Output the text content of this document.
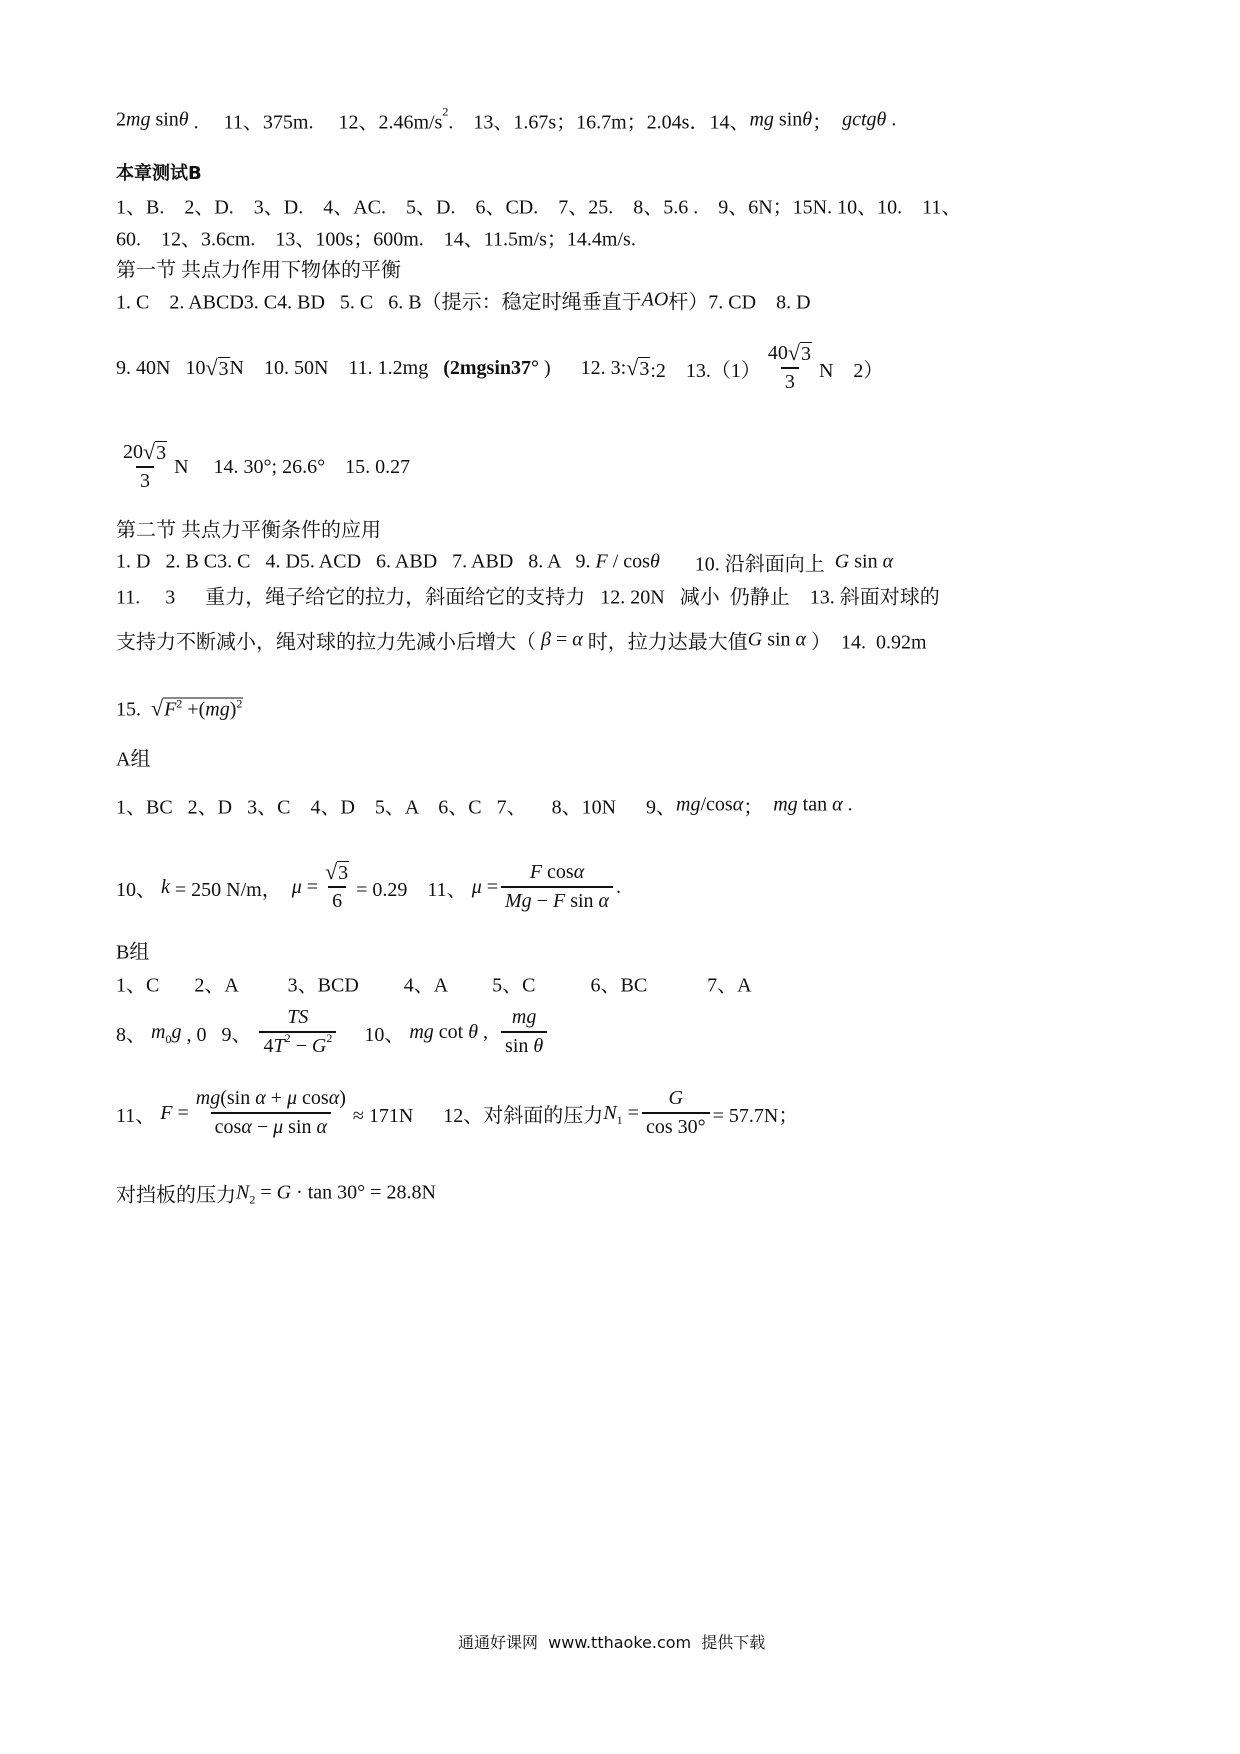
2 mg sin θ .     11、375m.     12、2.46m/s 2 .    13、1.67s；16.7m；2.04s．14、 mg sin θ ； gctgθ .
本章测试B
1、B.    2、D.    3、D.    4、AC.    5、D.    6、CD.    7、25.    8、5.6 .    9、6N；15N. 10、10.    11、
60.    12、3.6cm.    13、100s；600m.    14、11.5m/s；14.4m/s.
第一节 共点力作用下物体的平衡
1. C    2. ABCD3. C4. BD   5. C   6. B（提示：稳定时绳垂直于 AO 杆）7. CD    8. D
9. 40N   10 √ 3 N    10. 50N    11. 1.2mg (2mgsin37° )      12. 3: √ 3 :2    $13.(1) \frac{40 √ 3}{3}$ N    2）
$\frac{20 √ 3}{3}$ N     14. 30°; 26.6°    15. 0.27
第二节 共点力平衡条件的应用
1. D   2. B C3. C   4. D5. ACD   6. ABD   7. ABD   8. A   9. F / cos θ 10. 沿斜面向上 G sin α
11.     3      重力，绳子给它的拉力，斜面给它的支持力   12. 20N   减小  仍静止    13. 斜面对球的
支持力不断减小，绳对球的拉力先减小后增大（ β = α 时，拉力达最大值 G sin α ）  14.  0.92m
15. √ $F^2 +(mg)^2$
A组
1、BC   2、D   3、C    4、D    5、A    6、C   7、     8、10N      9、 mg /cos α ； mg tan α .
10、 k = 250 N/m， $\mu = \frac{√ 3}{6} = 0.29$    11、 $\mu = \frac{\text{F cos α}}{\text{Mg − F sin α}}$ .
B组
1、C       2、A          3、BCD         4、A         5、C           6、BC            7、A
8、 m 0 g , 0   9、 $\frac{TS}{4 T 2 - G 2} 10$、 mg cot θ , $\frac{mg}{\text{sin θ}}$
11、 $F = \frac{\text{mg (sin α + μ cos α )}}{\text{cos α − μ sin α}} \approx 171N$      12、对斜面的压力 N $1 = \frac{G}{\cos 30^\circ} = 57.7N$；
对挡板的压力 N 2 = G · tan 30° = 28.8N
通通好课网  www.tthaoke.com  提供下载
